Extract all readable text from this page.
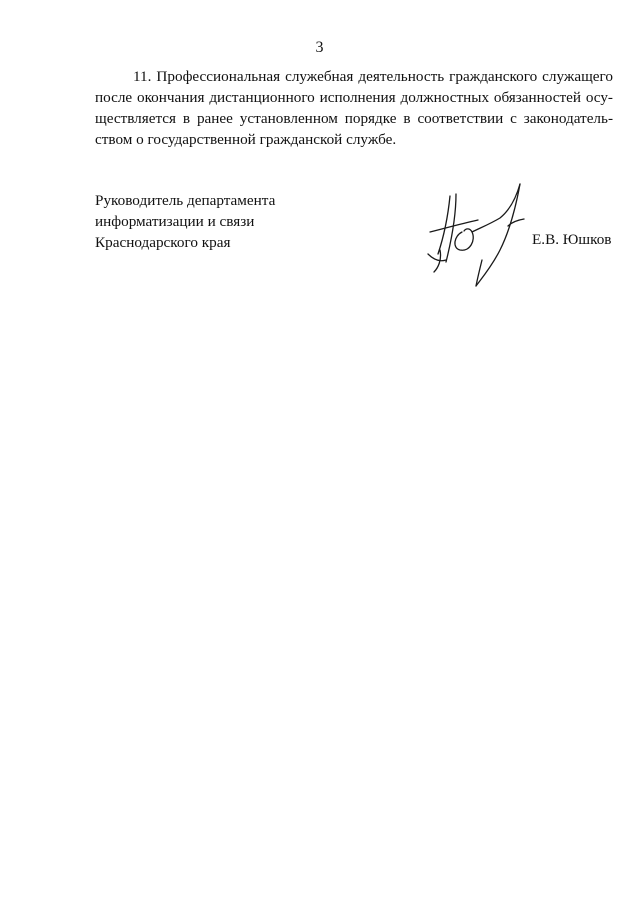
3
11. Профессиональная служебная деятельность гражданского служащего
после окончания дистанционного исполнения должностных обязанностей осу-
ществляется в ранее установленном порядке в соответствии с законодатель-
ством о государственной гражданской службе.
Руководитель департамента
информатизации и связи
Краснодарского края	Е.В. Юшков
